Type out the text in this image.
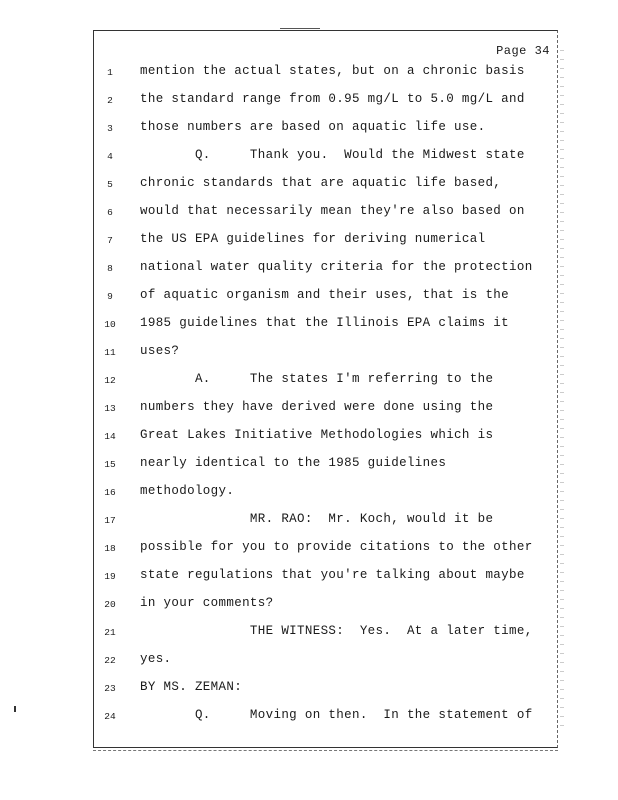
Page 34
1	mention the actual states, but on a chronic basis
2	the standard range from 0.95 mg/L to 5.0 mg/L and
3	those numbers are based on aquatic life use.
4	Q.     Thank you.  Would the Midwest state
5	chronic standards that are aquatic life based,
6	would that necessarily mean they're also based on
7	the US EPA guidelines for deriving numerical
8	national water quality criteria for the protection
9	of aquatic organism and their uses, that is the
10	1985 guidelines that the Illinois EPA claims it
11	uses?
12	A.     The states I'm referring to the
13	numbers they have derived were done using the
14	Great Lakes Initiative Methodologies which is
15	nearly identical to the 1985 guidelines
16	methodology.
17	MR. RAO:  Mr. Koch, would it be
18	possible for you to provide citations to the other
19	state regulations that you're talking about maybe
20	in your comments?
21	THE WITNESS:  Yes.  At a later time,
22	yes.
23	BY MS. ZEMAN:
24	Q.     Moving on then.  In the statement of
